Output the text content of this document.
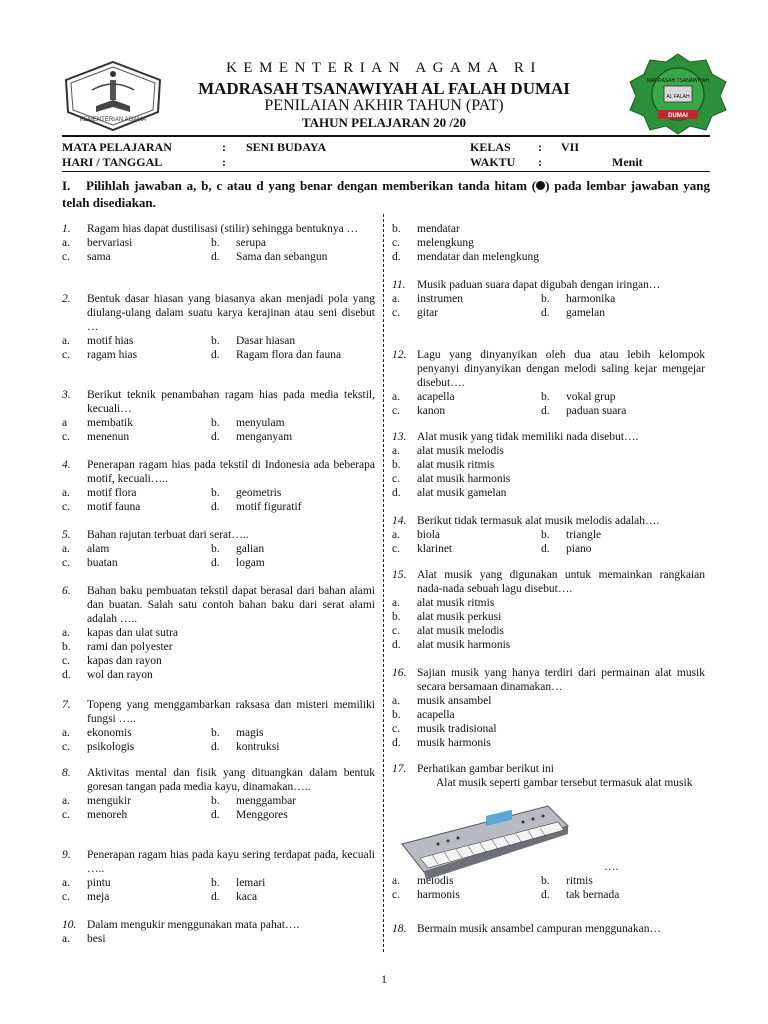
KEMENTERIAN AGAMA
MADRASAH TSANAWIYAH
AL FALAH
DUMAI
KEMENTERIAN AGAMA RI
MADRASAH TSANAWIYAH AL FALAH DUMAI
PENILAIAN AKHIR TAHUN (PAT)
TAHUN PELAJARAN 20 /20
MATA PELAJARAN	: SENI BUDAYA	KELAS : VII
HARI / TANGGAL	:	WAKTU :	Menit
I. Pilihlah jawaban a, b, c atau d yang benar dengan memberikan tanda hitam ( ) pada lembar jawaban yang telah disediakan.
1.	Ragam hias dapat dustilisasi (stilir) sehingga bentuknya …
a.	bervariasi	b.	serupa
c.	sama	d.	Sama dan sebangun
2.	Bentuk dasar hiasan yang biasanya akan menjadi pola yang diulang-ulang dalam suatu karya kerajinan atau seni disebut …
a.	motif hias	b.	Dasar hiasan
c.	ragam hias	d.	Ragam flora dan fauna
3.	Berikut teknik penambahan ragam hias pada media tekstil, kecuali…
a	membatik	b.	menyulam
c.	menenun	d.	menganyam
4.	Penerapan ragam hias pada tekstil di Indonesia ada beberapa motif, kecuali…..
a.	motif flora	b.	geometris
c.	motif fauna	d.	motif figuratif
5.	Bahan rajutan terbuat dari serat…..
a.	alam	b.	galian
c.	buatan	d.	logam
6.	Bahan baku pembuatan tekstil dapat berasal dari bahan alami dan buatan. Salah satu contoh bahan baku dari serat alami adalah …..
a.	kapas dan ulat sutra
b.	rami dan polyester
c.	kapas dan rayon
d.	wol dan rayon
7.	Topeng yang menggambarkan raksasa dan misteri memiliki fungsi …..
a.	ekonomis	b.	magis
c.	psikologis	d.	kontruksi
8.	Aktivitas mental dan fisik yang dituangkan dalam bentuk goresan tangan pada media kayu, dinamakan…..
a.	mengukir	b.	menggambar
c.	menoreh	d.	Menggores
9.	Penerapan ragam hias pada kayu sering terdapat pada, kecuali …..
a.	pintu	b.	lemari
c.	meja	d.	kaca
10. Dalam mengukir menggunakan mata pahat….
a.	besi
b.	mendatar
c.	melengkung
d.	mendatar dan melengkung
11. Musik paduan suara dapat digubah dengan iringan…
a.	instrumen	b.	harmonika
c.	gitar	d.	gamelan
12. Lagu yang dinyanyikan oleh dua atau lebih kelompok penyanyi dinyanyikan dengan melodi saling kejar mengejar disebut….
a.	acapella	b.	vokal grup
c.	kanon	d.	paduan suara
13. Alat musik yang tidak memiliki nada disebut….
a.	alat musik melodis
b.	alat musik ritmis
c.	alat musik harmonis
d.	alat musik gamelan
14. Berikut tidak termasuk alat musik melodis adalah….
a.	biola	b.	triangle
c.	klarinet	d.	piano
15. Alat musik yang digunakan untuk memainkan rangkaian nada-nada sebuah lagu disebut….
a.	alat musik ritmis
b.	alat musik perkusi
c.	alat musik melodis
d.	alat musik harmonis
16. Sajian musik yang hanya terdiri dari permainan alat musik secara bersamaan dinamakan…
a.	musik ansambel
b.	acapella
c.	musik tradisional
d.	musik harmonis
17. Perhatikan gambar berikut ini
Alat musik seperti gambar tersebut termasuk alat musik
….
a.	melodis	b.	ritmis
c.	harmonis	d.	tak bernada
18. Bermain musik ansambel campuran menggunakan…
1
